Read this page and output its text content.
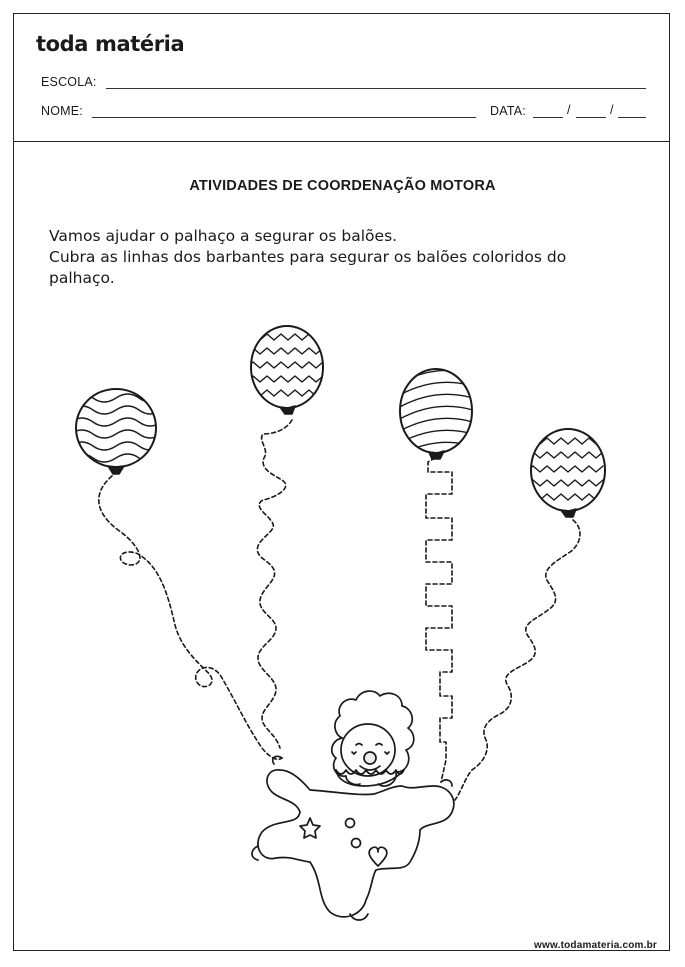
toda matéria
ESCOLA:
NOME:	DATA:	/	/
ATIVIDADES DE COORDENAÇÃO MOTORA
Vamos ajudar o palhaço a segurar os balões.
Cubra as linhas dos barbantes para segurar os balões coloridos do
palhaço.
www.todamateria.com.br
